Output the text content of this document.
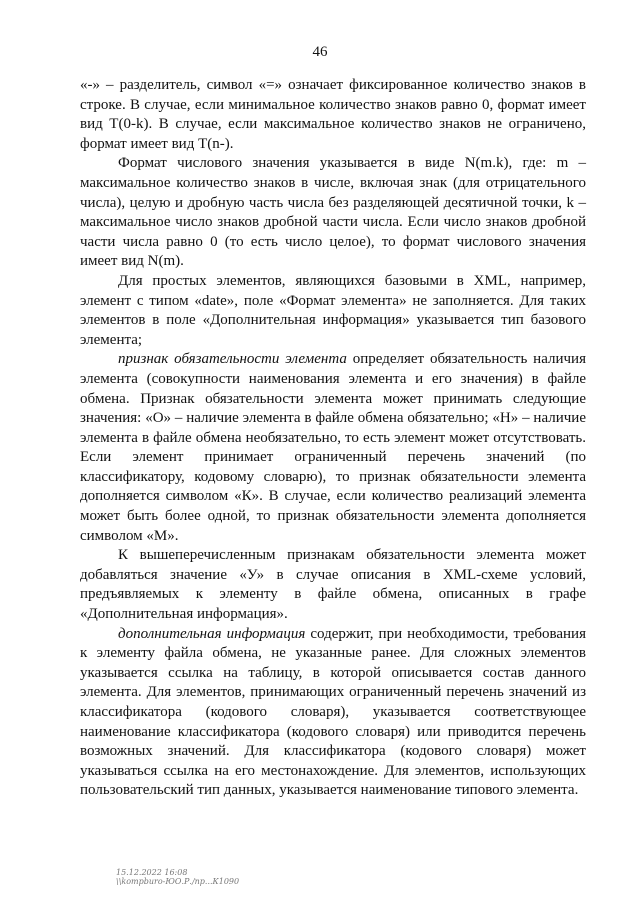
46

«-» – разделитель, символ «=» означает фиксированное количество знаков в строке. В случае, если минимальное количество знаков равно 0, формат имеет вид T(0-k). В случае, если максимальное количество знаков не ограничено, формат имеет вид T(n-).

Формат числового значения указывается в виде N(m.k), где: m – максимальное количество знаков в числе, включая знак (для отрицательного числа), целую и дробную часть числа без разделяющей десятичной точки, k – максимальное число знаков дробной части числа. Если число знаков дробной части числа равно 0 (то есть число целое), то формат числового значения имеет вид N(m).

Для простых элементов, являющихся базовыми в XML, например, элемент с типом «date», поле «Формат элемента» не заполняется. Для таких элементов в поле «Дополнительная информация» указывается тип базового элемента;

признак обязательности элемента определяет обязательность наличия элемента (совокупности наименования элемента и его значения) в файле обмена. Признак обязательности элемента может принимать следующие значения: «О» – наличие элемента в файле обмена обязательно; «Н» – наличие элемента в файле обмена необязательно, то есть элемент может отсутствовать. Если элемент принимает ограниченный перечень значений (по классификатору, кодовому словарю), то признак обязательности элемента дополняется символом «К». В случае, если количество реализаций элемента может быть более одной, то признак обязательности элемента дополняется символом «М».

К вышеперечисленным признакам обязательности элемента может добавляться значение «У» в случае описания в XML-схеме условий, предъявляемых к элементу в файле обмена, описанных в графе «Дополнительная информация».

дополнительная информация содержит, при необходимости, требования к элементу файла обмена, не указанные ранее. Для сложных элементов указывается ссылка на таблицу, в которой описывается состав данного элемента. Для элементов, принимающих ограниченный перечень значений из классификатора (кодового словаря), указывается соответствующее наименование классификатора (кодового словаря) или приводится перечень возможных значений. Для классификатора (кодового словаря) может указываться ссылка на его местонахождение. Для элементов, использующих пользовательский тип данных, указывается наименование типового элемента.

15.12.2022 16:08
\\kompburo-ЮО.Р./пр...К1090
